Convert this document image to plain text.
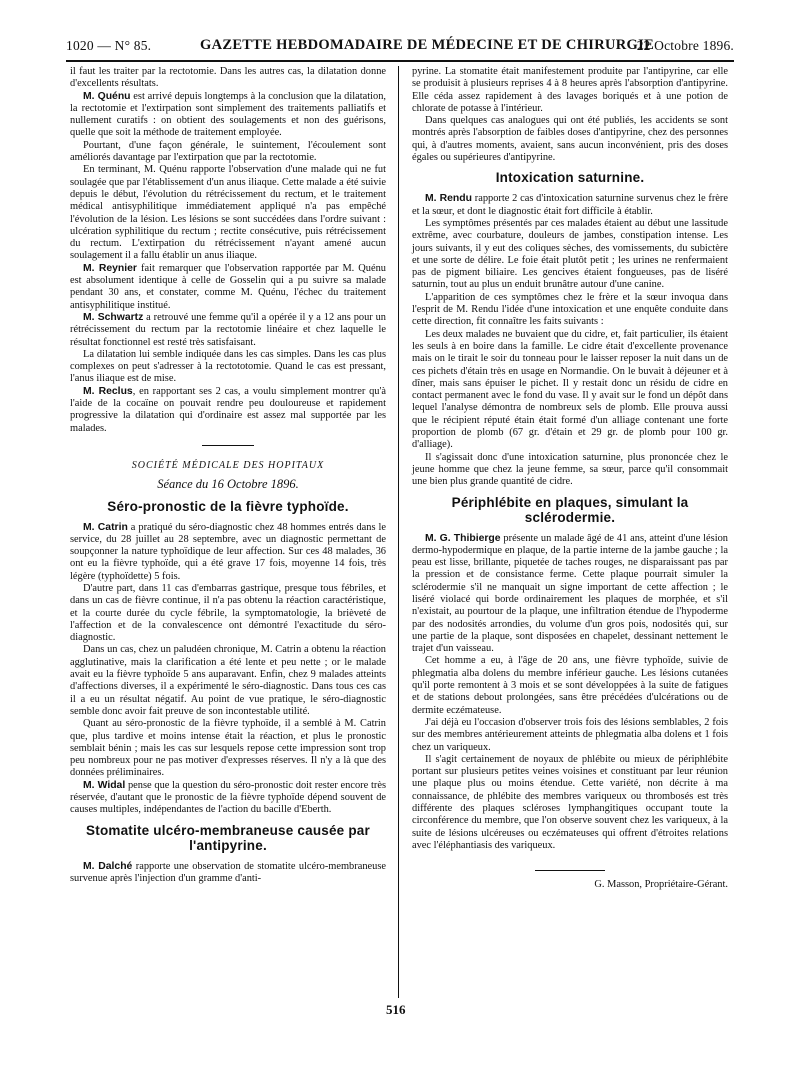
1020 — N° 85.	GAZETTE HEBDOMADAIRE DE MÉDECINE ET DE CHIRURGIE
22 Octobre 1896.

il faut les traiter par la rectotomie. Dans les autres cas, la dilatation donne d'excellents résultats.

M. Quénu est arrivé depuis longtemps à la conclusion que la dilatation, la rectotomie et l'extirpation sont simplement des traitements palliatifs et nullement curatifs : on obtient des soulagements et non des guérisons, quelle que soit la méthode de traitement employée.

Pourtant, d'une façon générale, le suintement, l'écoulement sont améliorés davantage par l'extirpation que par la rectotomie.

En terminant, M. Quénu rapporte l'observation d'une malade qui ne fut soulagée que par l'établissement d'un anus iliaque. Cette malade a été suivie depuis le début, l'évolution du rétrécissement du rectum, et le traitement médical antisyphilitique immédiatement appliqué n'a pas empêché l'évolution de la lésion. Les lésions se sont succédées dans l'ordre suivant : ulcération syphilitique du rectum ; rectite consécutive, puis rétrécissement du rectum. L'extirpation du rétrécissement n'ayant amené aucun soulagement il a fallu établir un anus iliaque.

M. Reynier fait remarquer que l'observation rapportée par M. Quénu est absolument identique à celle de Gosselin qui a pu suivre sa malade pendant 30 ans, et constater, comme M. Quénu, l'échec du traitement antisyphilitique institué.

M. Schwartz a retrouvé une femme qu'il a opérée il y a 12 ans pour un rétrécissement du rectum par la rectotomie linéaire et chez laquelle le résultat fonctionnel est resté très satisfaisant.

La dilatation lui semble indiquée dans les cas simples. Dans les cas plus complexes on peut s'adresser à la rectototomie. Quand le cas est pressant, l'anus iliaque est de mise.

M. Reclus, en rapportant ses 2 cas, a voulu simplement montrer qu'à l'aide de la cocaïne on pouvait rendre peu douloureuse et rapidement progressive la dilatation qui d'ordinaire est assez mal supportée par les malades.

SOCIÉTÉ MÉDICALE DES HOPITAUX
Séance du 16 Octobre 1896.
Séro-pronostic de la fièvre typhoïde.

M. Catrin a pratiqué du séro-diagnostic chez 48 hommes entrés dans le service, du 28 juillet au 28 septembre, avec un diagnostic permettant de soupçonner la nature typhoïdique de leur affection. Sur ces 48 malades, 36 ont eu la fièvre typhoïde, qui a été grave 17 fois, moyenne 14 fois, très légère (typhoïdette) 5 fois.

D'autre part, dans 11 cas d'embarras gastrique, presque tous fébriles, et dans un cas de fièvre continue, il n'a pas obtenu la réaction caractéristique, et la courte durée du cycle fébrile, la symptomatologie, la brièveté de l'affection et de la convalescence ont démontré l'exactitude du séro-diagnostic.

Dans un cas, chez un paludéen chronique, M. Catrin a obtenu la réaction agglutinative, mais la clarification a été lente et peu nette ; or le malade avait eu la fièvre typhoïde 5 ans auparavant. Enfin, chez 9 malades atteints d'affections diverses, il a expérimenté le séro-diagnostic. Dans tous ces cas il a eu un résultat négatif. Au point de vue pratique, le séro-diagnostic semble donc avoir fait preuve de son incontestable utilité.

Quant au séro-pronostic de la fièvre typhoïde, il a semblé à M. Catrin que, plus tardive et moins intense était la réaction, et plus le pronostic semblait bénin ; mais les cas sur lesquels repose cette impression sont trop peu nombreux pour ne pas motiver d'expresses réserves. Il n'y a là que des données préliminaires.

M. Widal pense que la question du séro-pronostic doit rester encore très réservée, d'autant que le pronostic de la fièvre typhoïde dépend souvent de causes multiples, indépendantes de l'action du bacille d'Eberth.

Stomatite ulcéro-membraneuse causée par l'antipyrine.

M. Dalché rapporte une observation de stomatite ulcéro-membraneuse survenue après l'injection d'un gramme d'anti-

pyrine. La stomatite était manifestement produite par l'antipyrine, car elle se produisit à plusieurs reprises 4 à 8 heures après l'absorption d'antipyrine. Elle céda assez rapidement à des lavages boriqués et à une potion de chlorate de potasse à l'intérieur.

Dans quelques cas analogues qui ont été publiés, les accidents se sont montrés après l'absorption de faibles doses d'antipyrine, chez des personnes qui, à d'autres moments, avaient, sans aucun inconvénient, pris des doses égales ou supérieures d'antipyrine.

Intoxication saturnine.

M. Rendu rapporte 2 cas d'intoxication saturnine survenus chez le frère et la sœur, et dont le diagnostic était fort difficile à établir.

Les symptômes présentés par ces malades étaient au début une lassitude extrême, avec courbature, douleurs de jambes, constipation intense. Les jours suivants, il y eut des coliques sèches, des vomissements, du subictère et une sorte de délire. Le foie était plutôt petit ; les urines ne renfermaient pas de pigment biliaire. Les gencives étaient fongueuses, pas de liséré saturnin, tout au plus un enduit brunâtre autour d'une canine.

L'apparition de ces symptômes chez le frère et la sœur invoqua dans l'esprit de M. Rendu l'idée d'une intoxication et une enquête conduite dans cette direction, fit connaître les faits suivants :

Les deux malades ne buvaient que du cidre, et, fait particulier, ils étaient les seuls à en boire dans la famille. Le cidre était d'excellente provenance mais on le tirait le soir du tonneau pour le laisser reposer la nuit dans un de ces pichets d'étain très en usage en Normandie. On le buvait à déjeuner et à dîner, mais sans épuiser le pichet. Il y restait donc un résidu de cidre en contact permanent avec le fond du vase. Il y avait sur le fond un dépôt dans lequel l'analyse démontra de nombreux sels de plomb. Elle prouva aussi que le récipient réputé étain était formé d'un alliage contenant une forte proportion de plomb (67 gr. d'étain et 29 gr. de plomb pour 100 gr. d'alliage).

Il s'agissait donc d'une intoxication saturnine, plus prononcée chez le jeune homme que chez la jeune femme, sa sœur, parce qu'il consommait une bien plus grande quantité de cidre.

Périphlébite en plaques, simulant la sclérodermie.

M. G. Thibierge présente un malade âgé de 41 ans, atteint d'une lésion dermo-hypodermique en plaque, de la partie interne de la jambe gauche ; la peau est lisse, brillante, piquetée de taches rouges, ne disparaissant pas par la pression et de consistance ferme. Cette plaque pourrait simuler la sclérodermie s'il ne manquait un signe important de cette affection ; le liséré violacé qui borde ordinairement les plaques de morphée, et s'il n'existait, au pourtour de la plaque, une infiltration étendue de l'hypoderme par des nodosités arrondies, du volume d'un gros pois, nodosités qui, sur une partie de la plaque, sont disposées en chapelet, dessinant nettement le trajet d'un vaisseau.

Cet homme a eu, à l'âge de 20 ans, une fièvre typhoïde, suivie de phlegmatia alba dolens du membre inférieur gauche. Les lésions cutanées qu'il porte remontent à 3 mois et se sont développées à la suite de fatigues et de stations debout prolongées, sans être précédées d'ulcérations ou de dermite eczémateuse.

J'ai déjà eu l'occasion d'observer trois fois des lésions semblables, 2 fois sur des membres antérieurement atteints de phlegmatia alba dolens et 1 fois chez un variqueux.

Il s'agit certainement de noyaux de phlébite ou mieux de périphlébite portant sur plusieurs petites veines voisines et constituant par leur réunion une plaque plus ou moins étendue. Cette variété, non décrite à ma connaissance, de phlébite des membres variqueux ou thrombosés est très différente des plaques scléroses lymphangitiques occupant toute la circonférence du membre, que l'on observe souvent chez les variqueux, à la suite de lésions ulcéreuses ou eczémateuses qui offrent d'étroites relations avec l'éléphantiasis des variqueux.

G. Masson, Propriétaire-Gérant.
516
